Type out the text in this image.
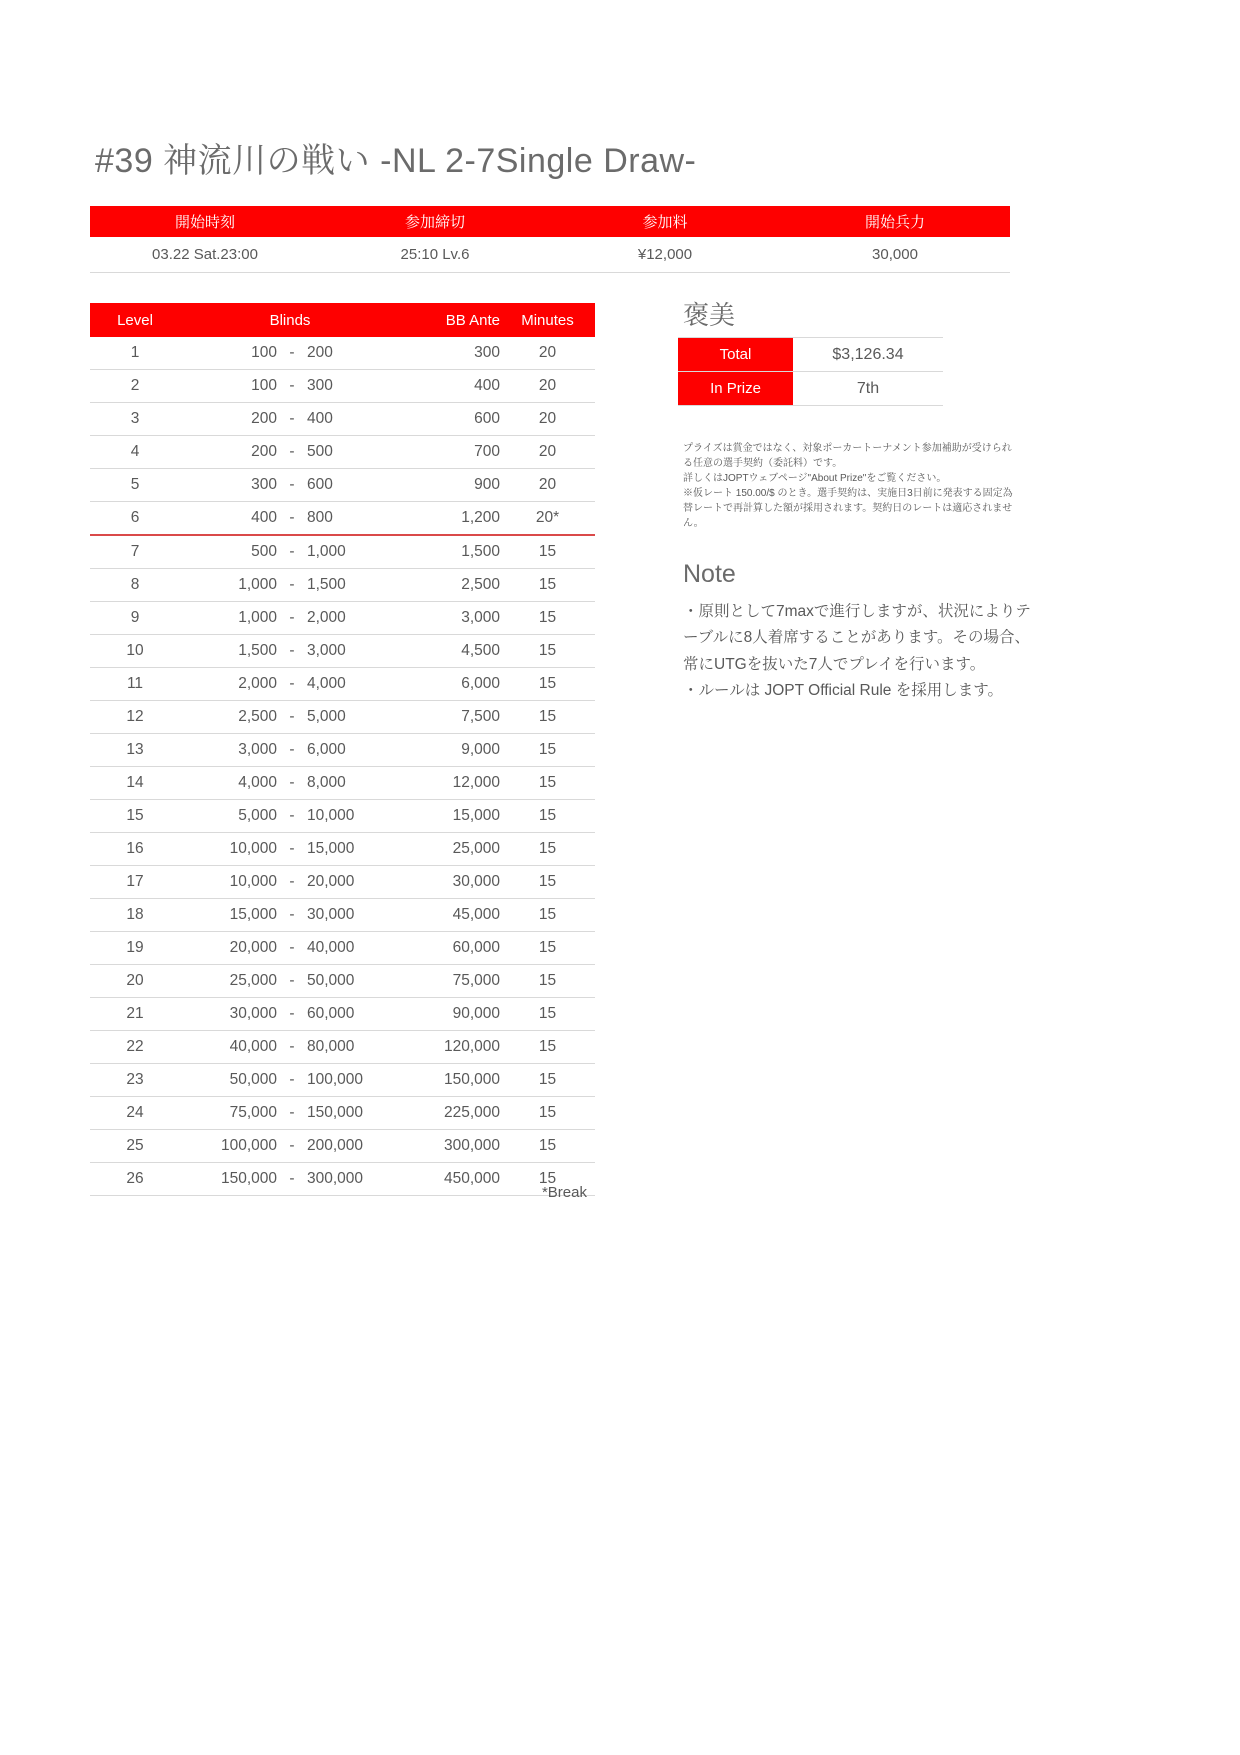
#39 神流川の戦い -NL 2-7Single Draw-
開始時刻	参加締切	参加料	開始兵力
03.22 Sat.23:00	25:10 Lv.6	¥12,000	30,000
Level	Blinds	BB Ante	Minutes
1	100 - 200	300	20
2	100 - 300	400	20
3	200 - 400	600	20
4	200 - 500	700	20
5	300 - 600	900	20
6	400 - 800	1,200	20*
7	500 - 1,000	1,500	15
8	1,000 - 1,500	2,500	15
9	1,000 - 2,000	3,000	15
10	1,500 - 3,000	4,500	15
11	2,000 - 4,000	6,000	15
12	2,500 - 5,000	7,500	15
13	3,000 - 6,000	9,000	15
14	4,000 - 8,000	12,000	15
15	5,000 - 10,000	15,000	15
16	10,000 - 15,000	25,000	15
17	10,000 - 20,000	30,000	15
18	15,000 - 30,000	45,000	15
19	20,000 - 40,000	60,000	15
20	25,000 - 50,000	75,000	15
21	30,000 - 60,000	90,000	15
22	40,000 - 80,000	120,000	15
23	50,000 - 100,000	150,000	15
24	75,000 - 150,000	225,000	15
25	100,000 - 200,000	300,000	15
26	150,000 - 300,000	450,000	15
*Break
褒美
Total	$3,126.34
In Prize	7th

プライズは賞金ではなく、対象ポーカートーナメント参加補助が受けられる任意の選手契約（委託料）です。

詳しくはJOPTウェブページ"About Prize"をご覧ください。

※仮レート 150.00/$ のとき。選手契約は、実施日3日前に発表する固定為替レートで再計算した額が採用されます。契約日のレートは適応されません。

Note

・原則として7maxで進行しますが、状況によりテーブルに8人着席することがあります。その場合、常にUTGを抜いた7人でプレイを行います。

・ルールは JOPT Official Rule を採用します。
